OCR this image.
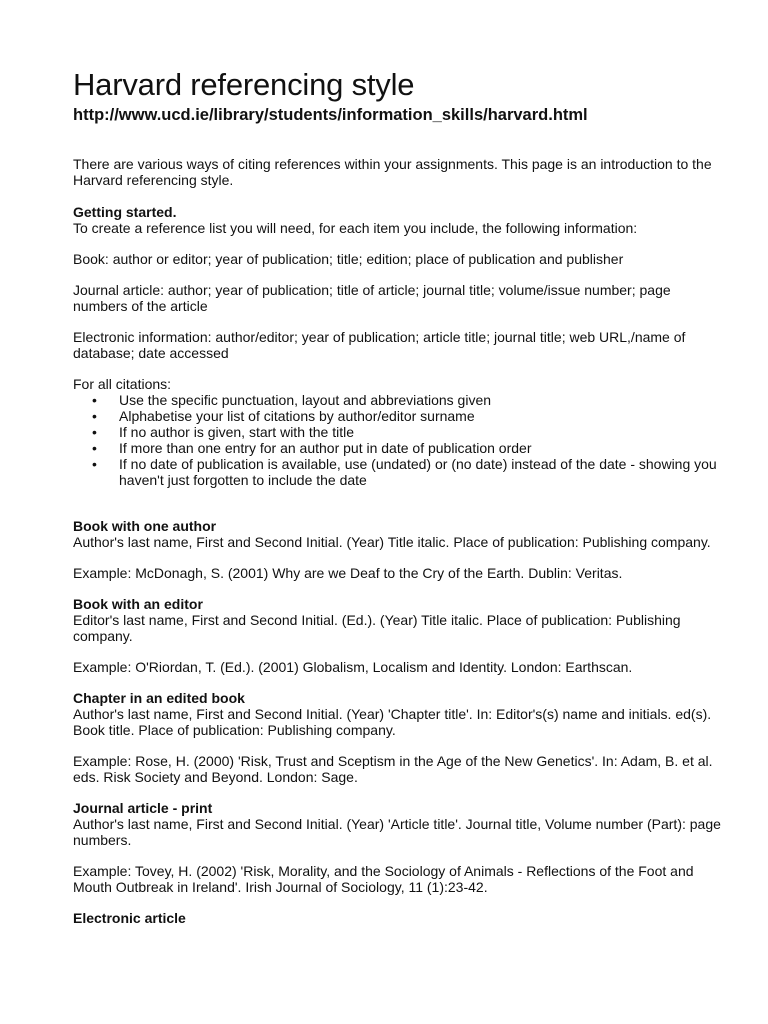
Harvard referencing style

http://www.ucd.ie/library/students/information_skills/harvard.html

There are various ways of citing references within your assignments. This page is an introduction to the Harvard referencing style.

Getting started.

To create a reference list you will need, for each item you include, the following information:

Book: author or editor; year of publication; title; edition; place of publication and publisher

Journal article: author; year of publication; title of article; journal title; volume/issue number; page numbers of the article

Electronic information: author/editor; year of publication; article title; journal title; web URL,/name of database; date accessed

For all citations:

• Use the specific punctuation, layout and abbreviations given
• Alphabetise your list of citations by author/editor surname
• If no author is given, start with the title
• If more than one entry for an author put in date of publication order
• If no date of publication is available, use (undated) or (no date) instead of the date - showing you haven't just forgotten to include the date

Book with one author

Author's last name, First and Second Initial. (Year) Title italic. Place of publication: Publishing company.

Example: McDonagh, S. (2001) Why are we Deaf to the Cry of the Earth. Dublin: Veritas.

Book with an editor

Editor's last name, First and Second Initial. (Ed.). (Year) Title italic. Place of publication: Publishing company.

Example: O'Riordan, T. (Ed.). (2001) Globalism, Localism and Identity. London: Earthscan.

Chapter in an edited book

Author's last name, First and Second Initial. (Year) 'Chapter title'. In: Editor's(s) name and initials. ed(s). Book title. Place of publication: Publishing company.

Example: Rose, H. (2000) 'Risk, Trust and Sceptism in the Age of the New Genetics'. In: Adam, B. et al. eds. Risk Society and Beyond. London: Sage.

Journal article - print

Author's last name, First and Second Initial. (Year) 'Article title'. Journal title, Volume number (Part): page numbers.

Example: Tovey, H. (2002) 'Risk, Morality, and the Sociology of Animals - Reflections of the Foot and Mouth Outbreak in Ireland'. Irish Journal of Sociology, 11 (1):23-42.

Electronic article
